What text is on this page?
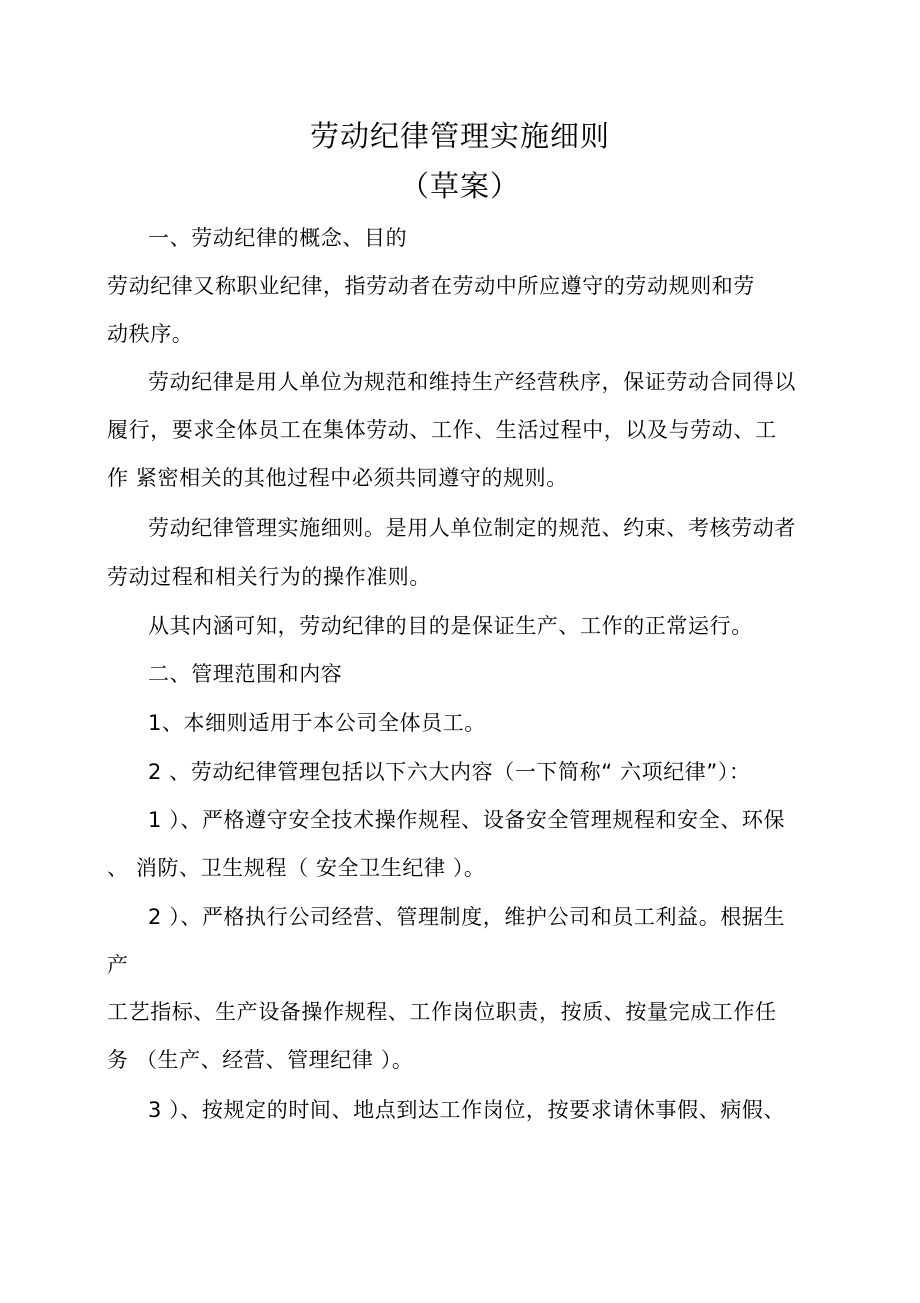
劳动纪律管理实施细则
（草案）
一、劳动纪律的概念、目的
劳动纪律又称职业纪律，指劳动者在劳动中所应遵守的劳动规则和劳
动秩序。
劳动纪律是用人单位为规范和维持生产经营秩序，保证劳动合同得以
履行，要求全体员工在集体劳动、工作、生活过程中，以及与劳动、工
作 紧密相关的其他过程中必须共同遵守的规则。
劳动纪律管理实施细则。是用人单位制定的规范、约束、考核劳动者
劳动过程和相关行为的操作准则。
从其内涵可知，劳动纪律的目的是保证生产、工作的正常运行。
二、管理范围和内容
1、本细则适用于本公司全体员工。
2 、劳动纪律管理包括以下六大内容（一下简称“ 六项纪律”）：
1 ）、严格遵守安全技术操作规程、设备安全管理规程和安全、环保
、 消防、卫生规程（ 安全卫生纪律 ）。
2 ）、严格执行公司经营、管理制度，维护公司和员工利益。根据生
产
工艺指标、生产设备操作规程、工作岗位职责，按质、按量完成工作任
务 （生产、经营、管理纪律 ）。
3 ）、按规定的时间、地点到达工作岗位，按要求请休事假、病假、
